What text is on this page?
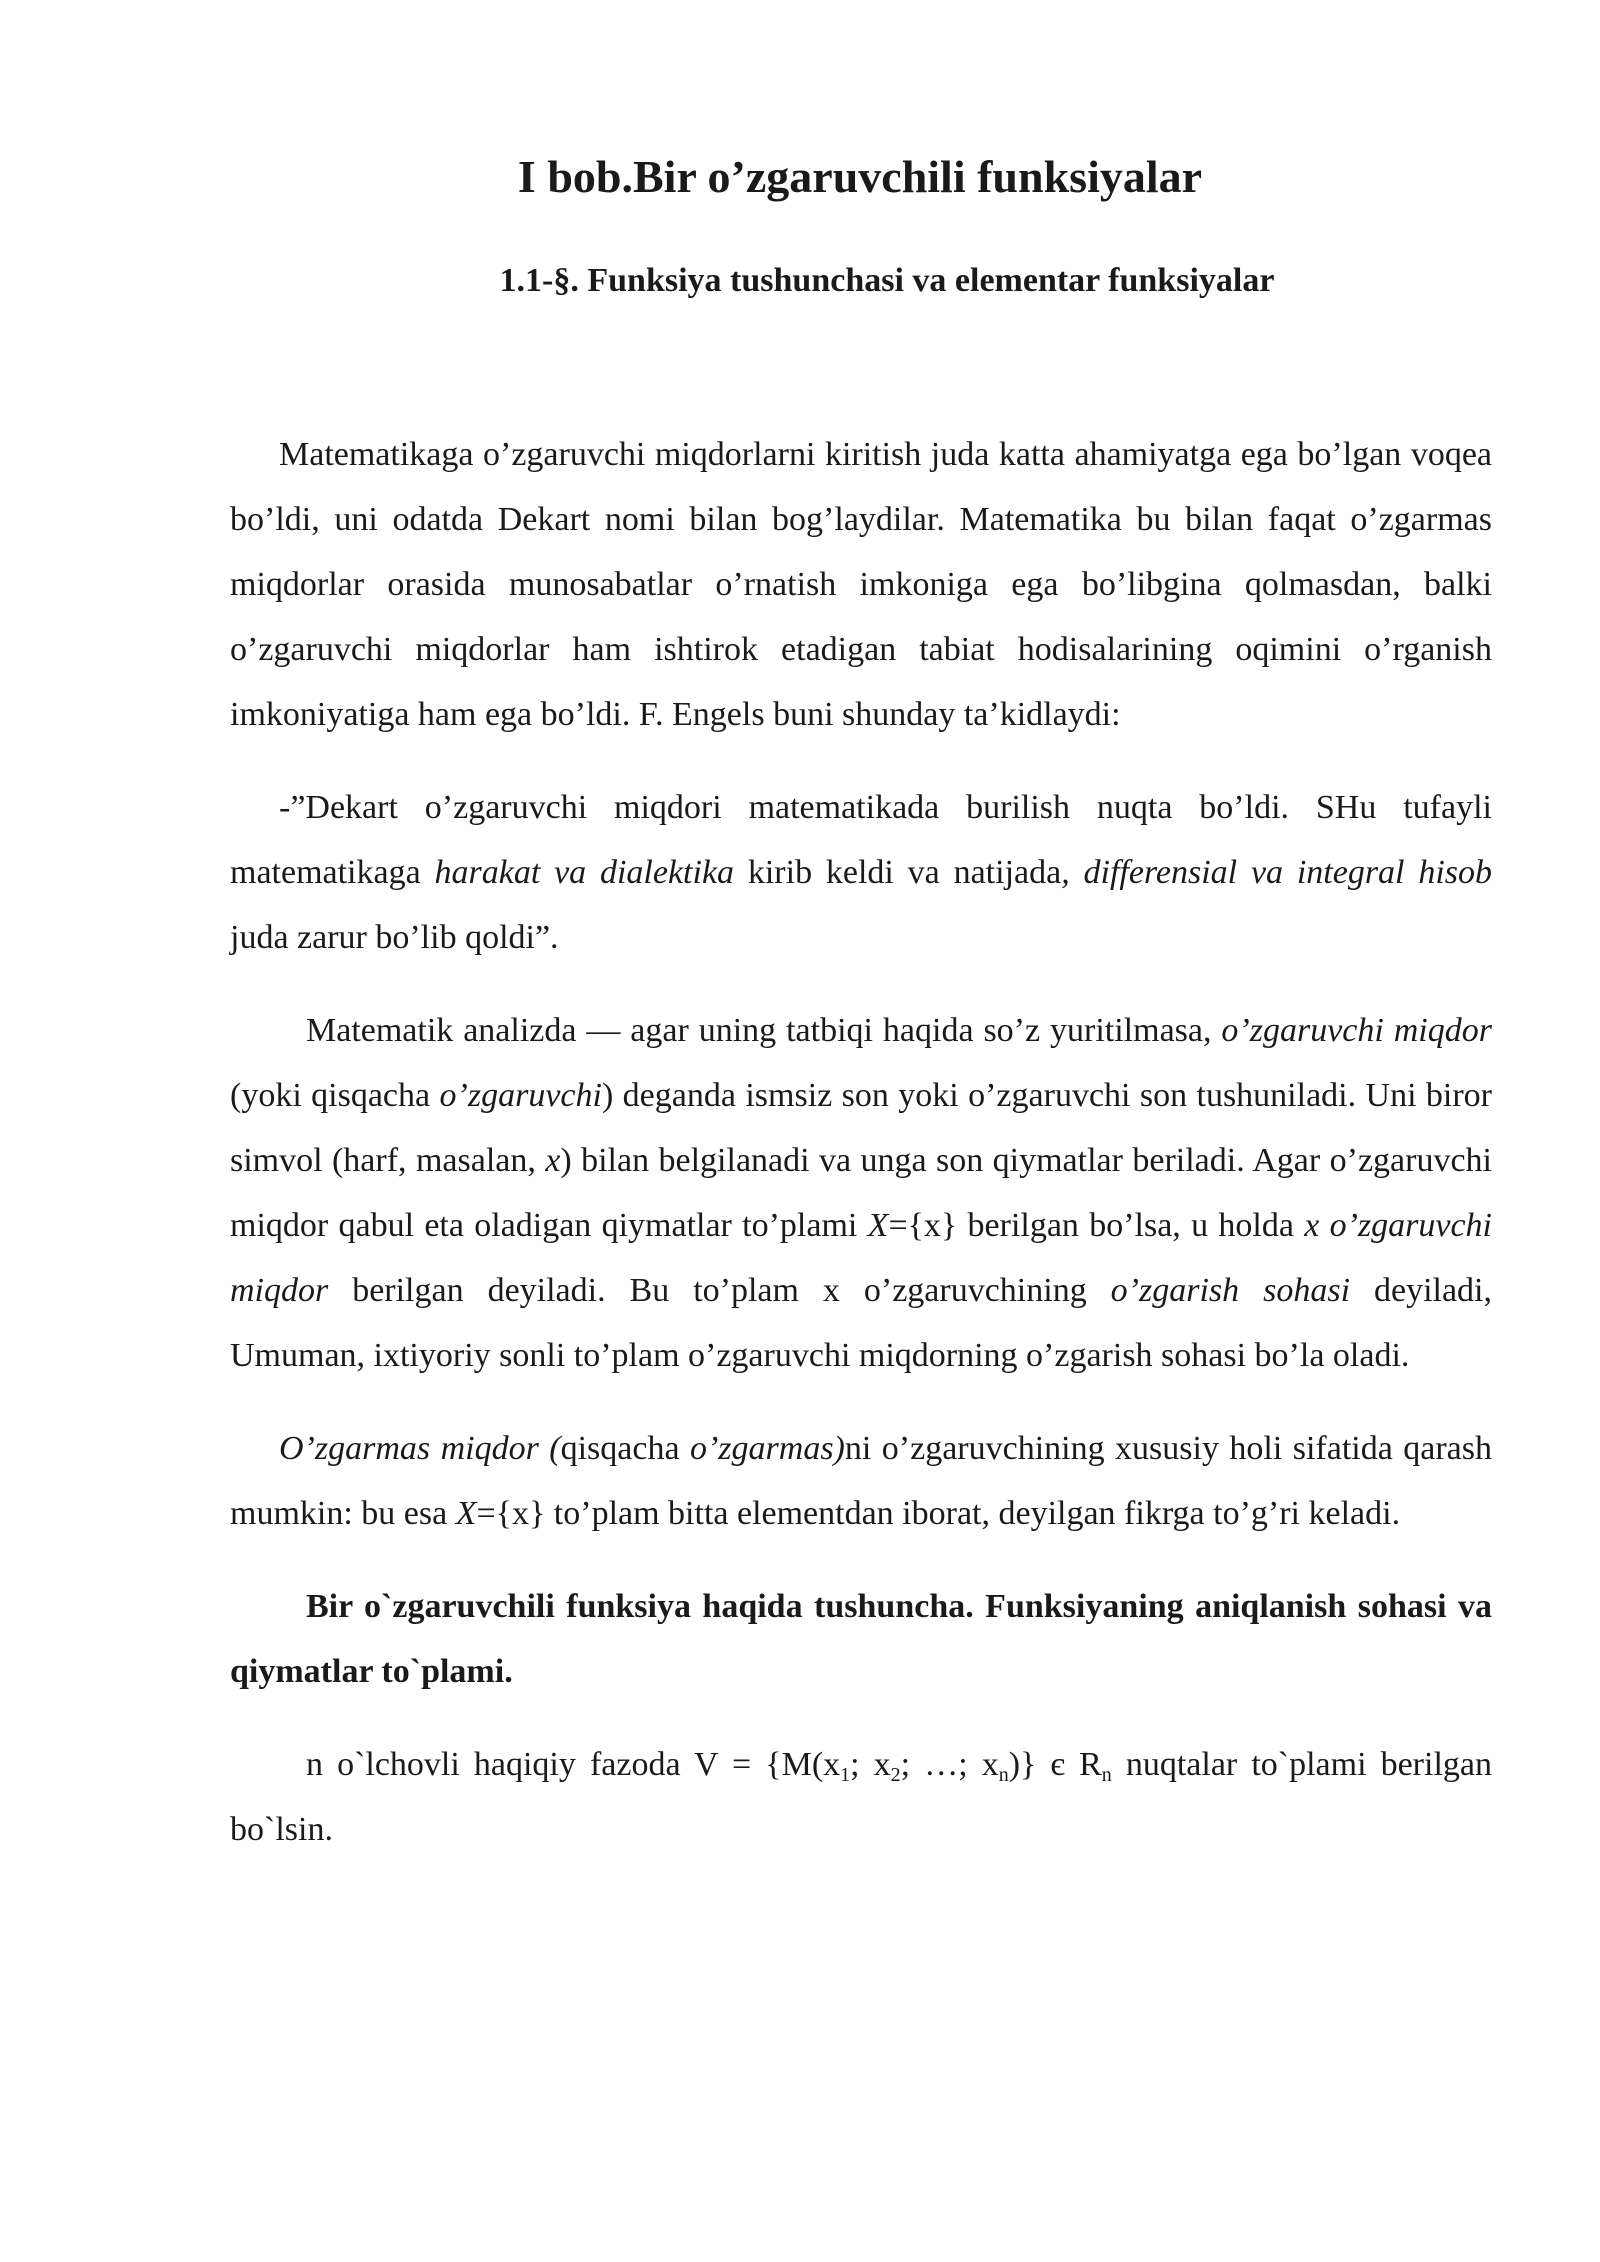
I bob.Bir o’zgaruvchili funksiyalar
1.1-§. Funksiya tushunchasi va elementar funksiyalar

Matematikaga o’zgaruvchi miqdorlarni kiritish juda katta ahamiyatga ega bo’lgan voqea bo’ldi, uni odatda Dekart nomi bilan bog’laydilar. Matematika bu bilan faqat o’zgarmas miqdorlar orasida munosabatlar o’rnatish imkoniga ega bo’libgina qolmasdan, balki o’zgaruvchi miqdorlar ham ishtirok etadigan tabiat hodisalarining oqimini o’rganish imkoniyatiga ham ega bo’ldi. F. Engels buni shunday ta’kidlaydi:

-”Dekart o’zgaruvchi miqdori matematikada burilish nuqta bo’ldi. SHu tufayli matematikaga harakat va dialektika kirib keldi va natijada, differensial va integral hisob juda zarur bo’lib qoldi”.

Matematik analizda — agar uning tatbiqi haqida so’z yuritilmasa, o’zgaruvchi miqdor (yoki qisqacha o’zgaruvchi) deganda ismsiz son yoki o’zgaruvchi son tushuniladi. Uni biror simvol (harf, masalan, x) bilan belgilanadi va unga son qiymatlar beriladi. Agar o’zgaruvchi miqdor qabul eta oladigan qiymatlar to’plami X={x} berilgan bo’lsa, u holda x o’zgaruvchi miqdor berilgan deyiladi. Bu to’plam x o’zgaruvchining o’zgarish sohasi deyiladi, Umuman, ixtiyoriy sonli to’plam o’zgaruvchi miqdorning o’zgarish sohasi bo’la oladi.

O’zgarmas miqdor (qisqacha o’zgarmas)ni o’zgaruvchining xususiy holi sifatida qarash mumkin: bu esa X={x} to’plam bitta elementdan iborat, deyilgan fikrga to’g’ri keladi.

Bir o`zgaruvchili funksiya haqida tushuncha. Funksiyaning aniqlanish sohasi va qiymatlar to`plami.

n o`lchovli haqiqiy fazoda $V = \{M(x_1$; $x_2$; …; $x_n$)} є $R_n$ nuqtalar to`plami berilgan bo`lsin.
